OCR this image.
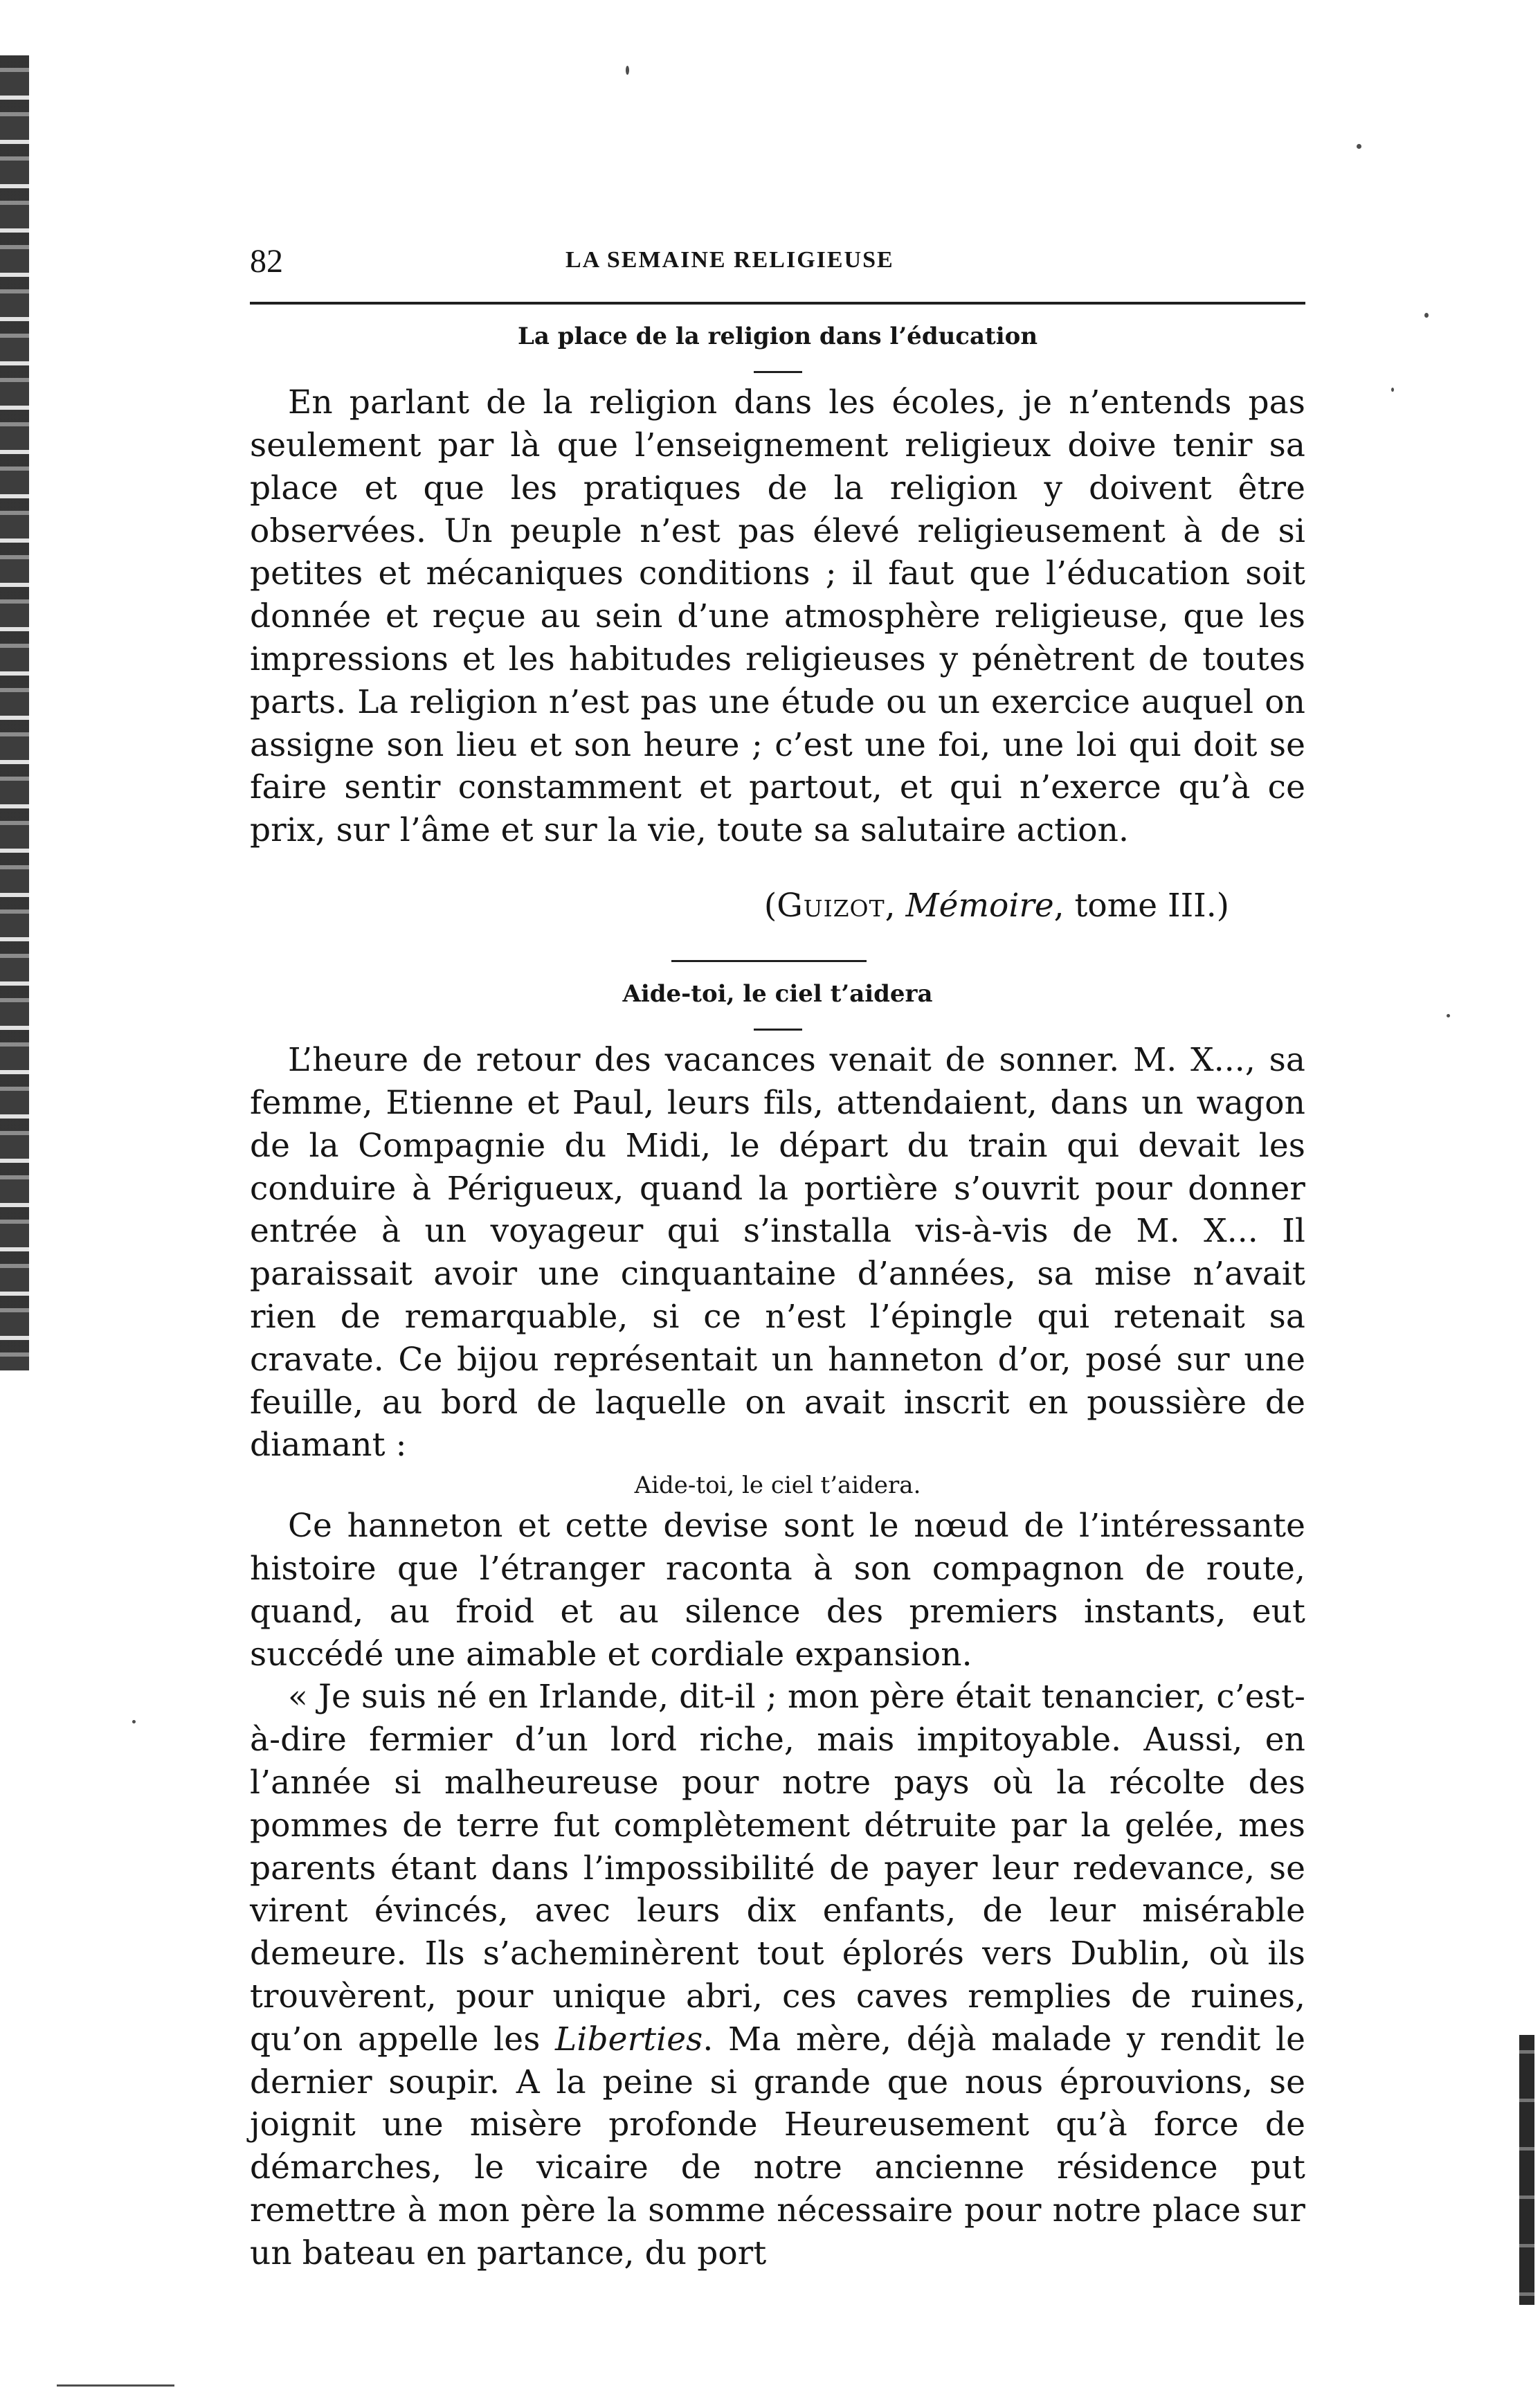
82	LA SEMAINE RELIGIEUSE
La place de la religion dans l’éducation

En parlant de la religion dans les écoles, je n’entends pas seulement par là que l’enseignement religieux doive tenir sa place et que les pratiques de la religion y doivent être observées. Un peuple n’est pas élevé religieusement à de si petites et mécaniques conditions ; il faut que l’éducation soit donnée et reçue au sein d’une atmosphère religieuse, que les impressions et les habitudes religieuses y pénètrent de toutes parts. La religion n’est pas une étude ou un exercice auquel on assigne son lieu et son heure ; c’est une foi, une loi qui doit se faire sentir constamment et partout, et qui n’exerce qu’à ce prix, sur l’âme et sur la vie, toute sa salutaire action.

(Guizot, Mémoire, tome III.)

Aide-toi, le ciel t’aidera

L’heure de retour des vacances venait de sonner. M. X..., sa femme, Etienne et Paul, leurs fils, attendaient, dans un wagon de la Compagnie du Midi, le départ du train qui devait les conduire à Périgueux, quand la portière s’ouvrit pour donner entrée à un voyageur qui s’installa vis-à-vis de M. X... Il paraissait avoir une cinquantaine d’années, sa mise n’avait rien de remarquable, si ce n’est l’épingle qui retenait sa cravate. Ce bijou représentait un hanneton d’or, posé sur une feuille, au bord de laquelle on avait inscrit en poussière de diamant :

Aide-toi, le ciel t’aidera.

Ce hanneton et cette devise sont le nœud de l’intéressante histoire que l’étranger raconta à son compagnon de route, quand, au froid et au silence des premiers instants, eut succédé une aimable et cordiale expansion.

« Je suis né en Irlande, dit-il ; mon père était tenancier, c’est-à-dire fermier d’un lord riche, mais impitoyable. Aussi, en l’année si malheureuse pour notre pays où la récolte des pommes de terre fut complètement détruite par la gelée, mes parents étant dans l’impossibilité de payer leur redevance, se virent évincés, avec leurs dix enfants, de leur misérable demeure. Ils s’acheminèrent tout éplorés vers Dublin, où ils trouvèrent, pour unique abri, ces caves remplies de ruines, qu’on appelle les Liberties. Ma mère, déjà malade y rendit le dernier soupir. A la peine si grande que nous éprouvions, se joignit une misère profonde Heureusement qu’à force de démarches, le vicaire de notre ancienne résidence put remettre à mon père la somme nécessaire pour notre place sur un bateau en partance, du port
